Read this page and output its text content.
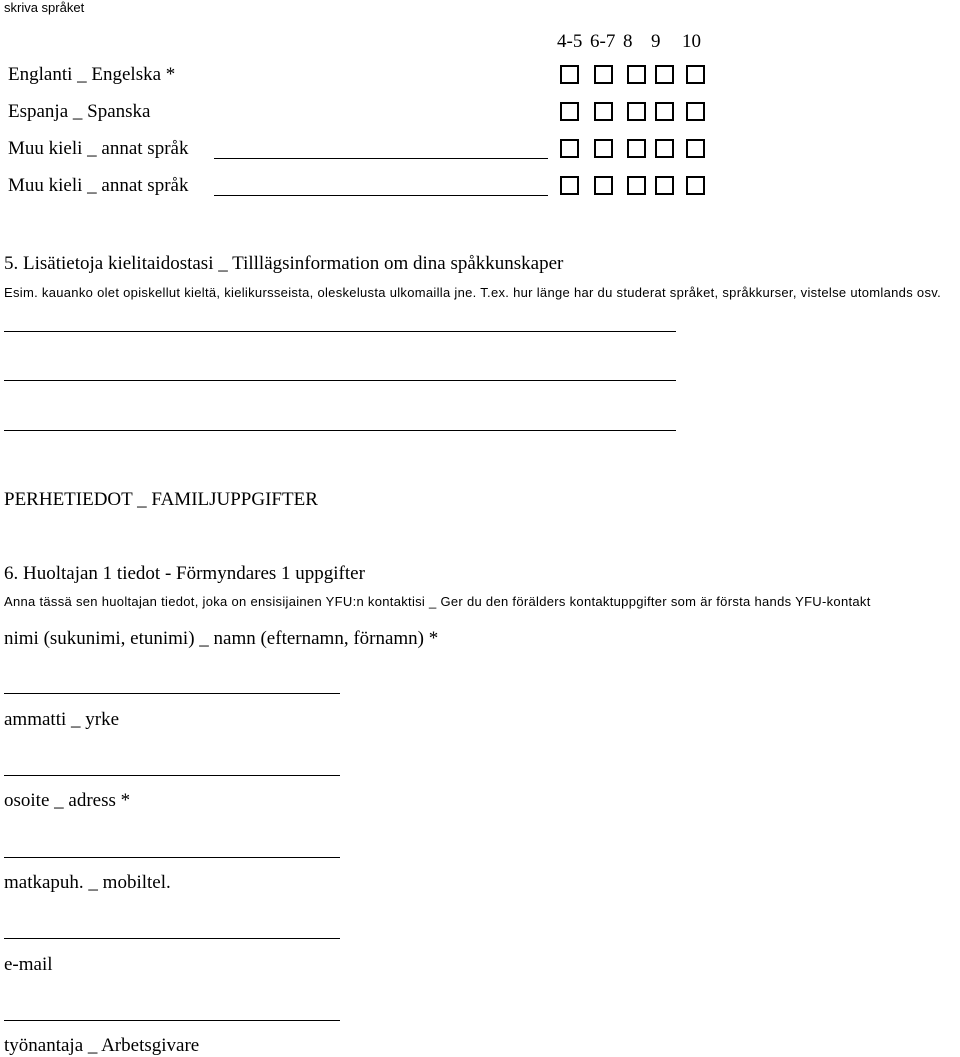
skriva språket
4-5 6-7 8 9 10
Englanti _ Engelska *
Espanja _ Spanska
Muu kieli _ annat språk
Muu kieli _ annat språk
5. Lisätietoja kielitaidostasi _ Tilllägsinformation om dina spåkkunskaper
Esim. kauanko olet opiskellut kieltä, kielikursseista, oleskelusta ulkomailla jne. T.ex. hur länge har du studerat språket, språkkurser, vistelse utomlands osv.
PERHETIEDOT _ FAMILJUPPGIFTER
6. Huoltajan 1 tiedot - Förmyndares 1 uppgifter
Anna tässä sen huoltajan tiedot, joka on ensisijainen YFU:n kontaktisi _ Ger du den förälders kontaktuppgifter som är första hands YFU-kontakt
nimi (sukunimi, etunimi) _ namn (efternamn, förnamn) *
ammatti _ yrke
osoite _ adress *
matkapuh. _ mobiltel.
e-mail
työnantaja _ Arbetsgivare
